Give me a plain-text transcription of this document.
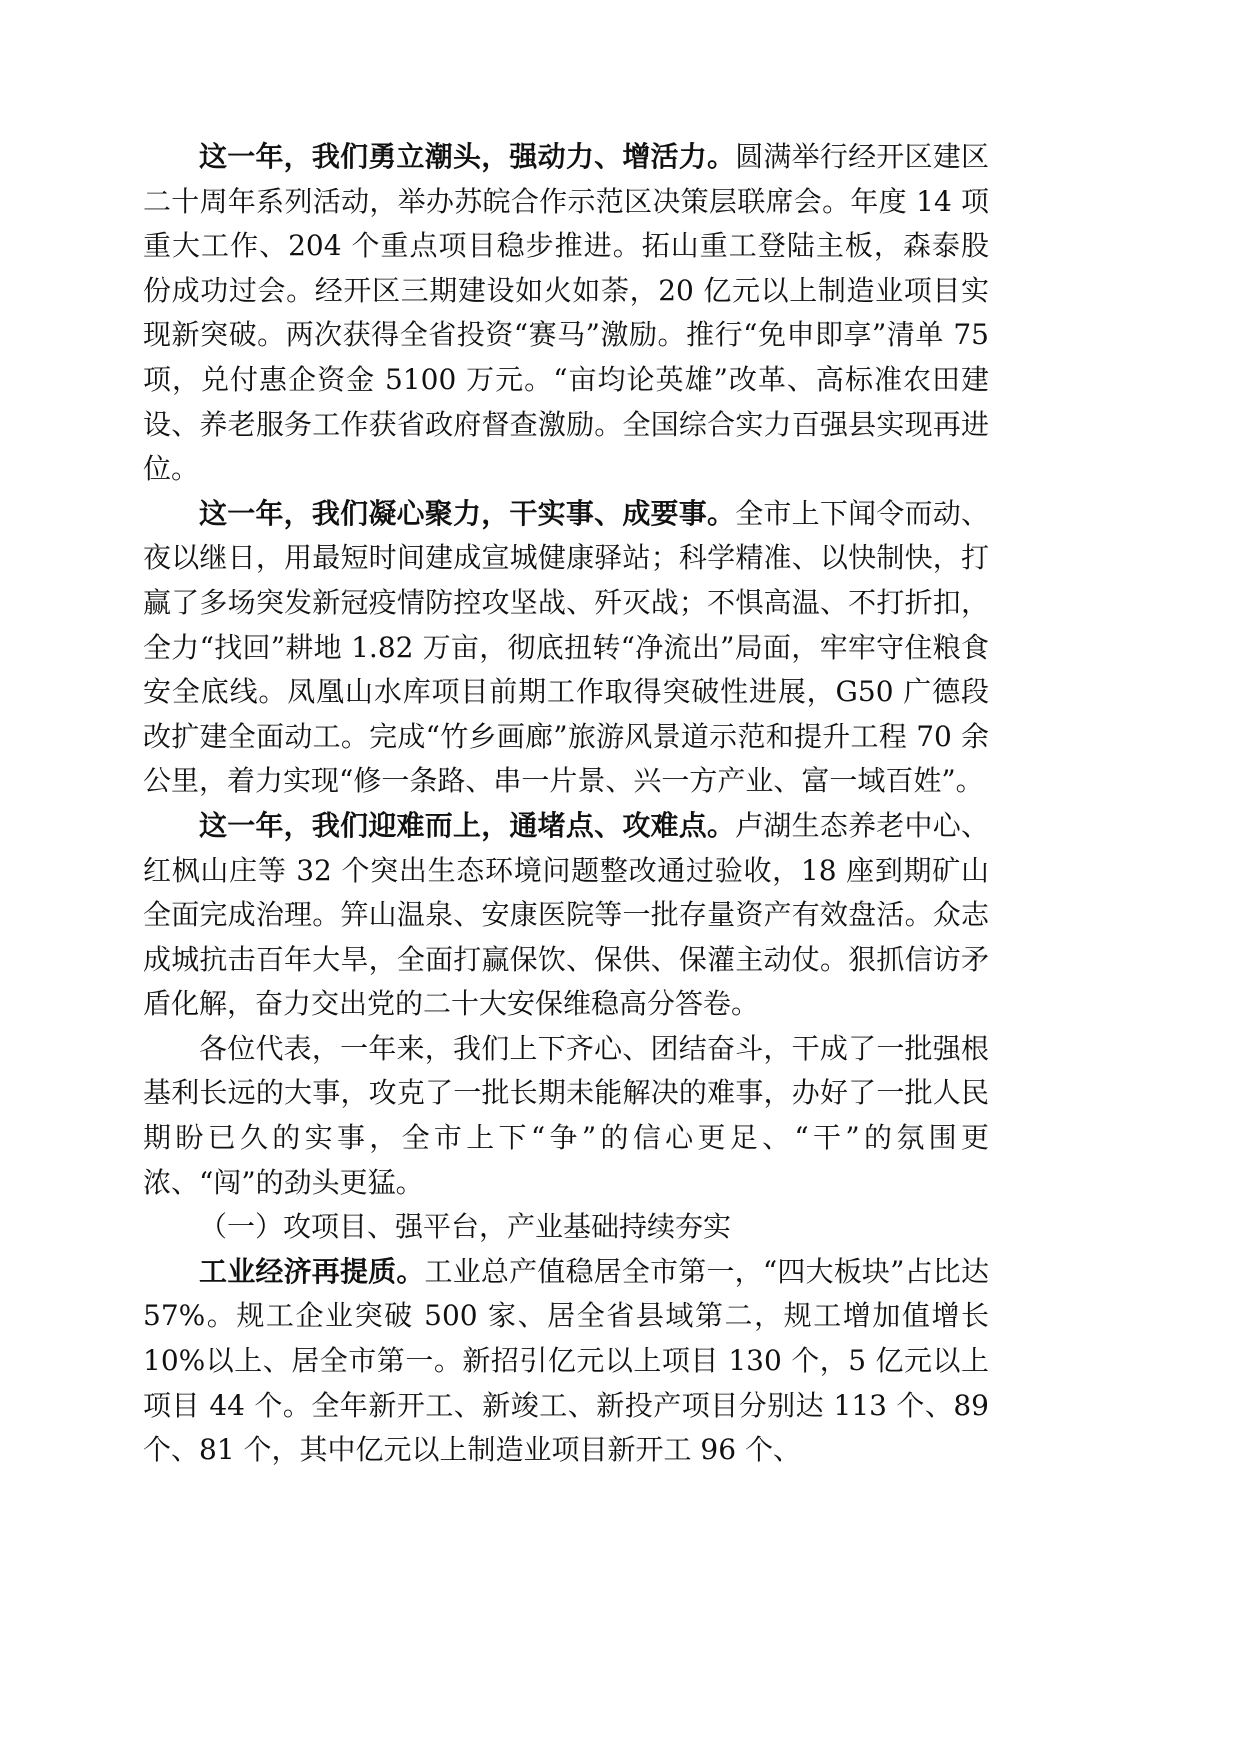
这一年，我们勇立潮头，强动力、增活力。圆满举行经开区建区二十周年系列活动，举办苏皖合作示范区决策层联席会。年度 14 项重大工作、204 个重点项目稳步推进。拓山重工登陆主板，森泰股份成功过会。经开区三期建设如火如荼，20 亿元以上制造业项目实现新突破。两次获得全省投资“赛马”激励。推行“免申即享”清单 75 项，兑付惠企资金 5100 万元。“亩均论英雄”改革、高标准农田建设、养老服务工作获省政府督查激励。全国综合实力百强县实现再进位。

这一年，我们凝心聚力，干实事、成要事。全市上下闻令而动、夜以继日，用最短时间建成宣城健康驿站；科学精准、以快制快，打赢了多场突发新冠疫情防控攻坚战、歼灭战；不惧高温、不打折扣，全力“找回”耕地 1.82 万亩，彻底扭转“净流出”局面，牢牢守住粮食安全底线。凤凰山水库项目前期工作取得突破性进展，G50 广德段改扩建全面动工。完成“竹乡画廊”旅游风景道示范和提升工程 70 余公里，着力实现“修一条路、串一片景、兴一方产业、富一域百姓”。

这一年，我们迎难而上，通堵点、攻难点。卢湖生态养老中心、红枫山庄等 32 个突出生态环境问题整改通过验收，18 座到期矿山全面完成治理。笄山温泉、安康医院等一批存量资产有效盘活。众志成城抗击百年大旱，全面打赢保饮、保供、保灌主动仗。狠抓信访矛盾化解，奋力交出党的二十大安保维稳高分答卷。

各位代表，一年来，我们上下齐心、团结奋斗，干成了一批强根基利长远的大事，攻克了一批长期未能解决的难事，办好了一批人民期盼已久的实事，全市上下“争”的信心更足、“干”的氛围更浓、“闯”的劲头更猛。

（一）攻项目、强平台，产业基础持续夯实

工业经济再提质。工业总产值稳居全市第一，“四大板块”占比达 57%。规工企业突破 500 家、居全省县域第二，规工增加值增长 10%以上、居全市第一。新招引亿元以上项目 130 个，5 亿元以上项目 44 个。全年新开工、新竣工、新投产项目分别达 113 个、89 个、81 个，其中亿元以上制造业项目新开工 96 个、
